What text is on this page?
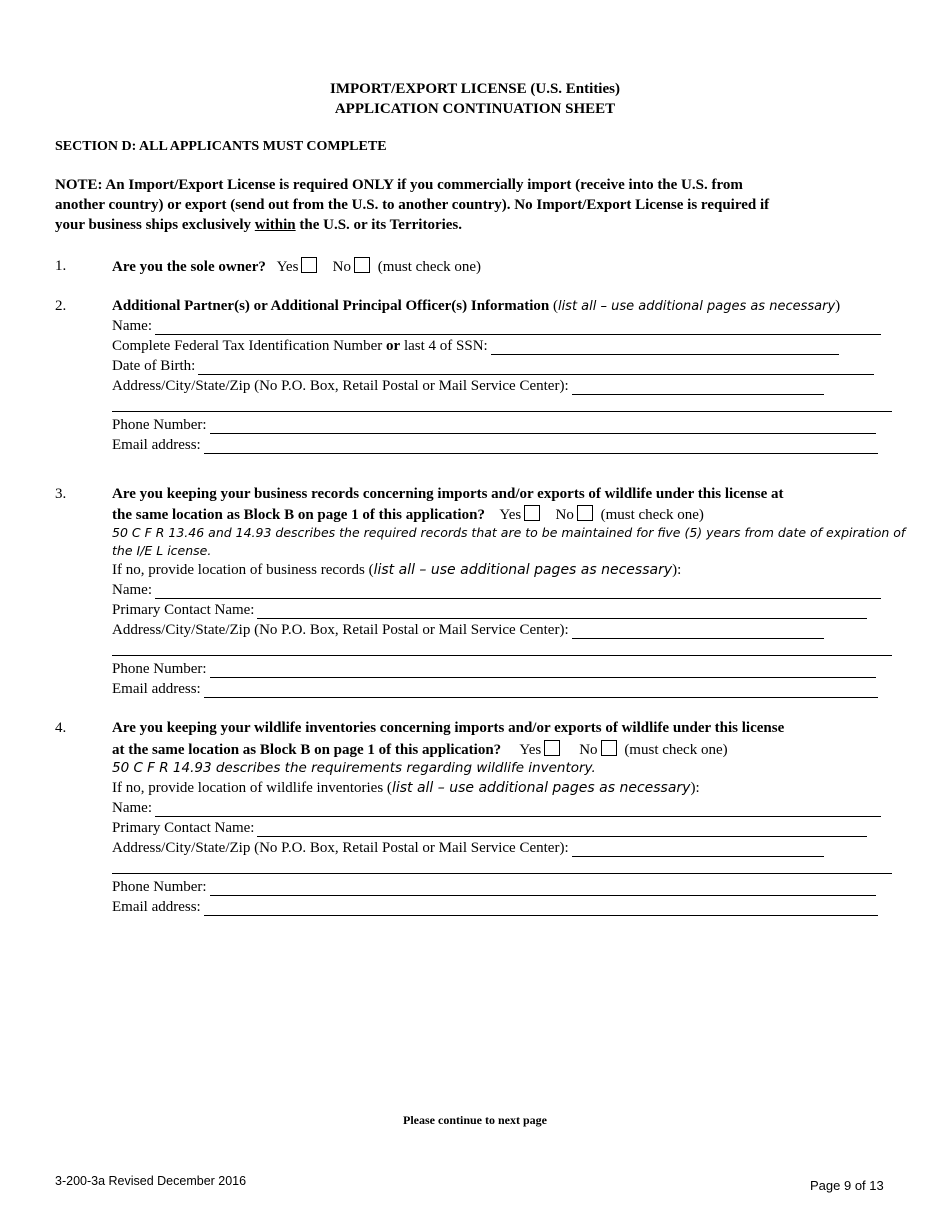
IMPORT/EXPORT LICENSE (U.S. Entities)
APPLICATION CONTINUATION SHEET
SECTION D: ALL APPLICANTS MUST COMPLETE
NOTE: An Import/Export License is required ONLY if you commercially import (receive into the U.S. from
another country) or export (send out from the U.S. to another country). No Import/Export License is required if
your business ships exclusively within the U.S. or its Territories.
1.	Are you the sole owner? Yes No (must check one)
2.	Additional Partner(s) or Additional Principal Officer(s) Information (list all – use additional pages as necessary)
Name:
Complete Federal Tax Identification Number or last 4 of SSN:
Date of Birth:
Address/City/State/Zip (No P.O. Box, Retail Postal or Mail Service Center):
Phone Number:
Email address:
3.	Are you keeping your business records concerning imports and/or exports of wildlife under this license at
the same location as Block B on page 1 of this application? Yes No (must check one)
50 C F R 13.46 and 14.93 describes the required records that are to be maintained for five (5) years from date of expiration of
the I/E L icense.
If no, provide location of business records (list all – use additional pages as necessary):
Name:
Primary Contact Name:
Address/City/State/Zip (No P.O. Box, Retail Postal or Mail Service Center):
Phone Number:
Email address:
4.	Are you keeping your wildlife inventories concerning imports and/or exports of wildlife under this license
at the same location as Block B on page 1 of this application? Yes	No (must check one)
50 C F R 14.93 describes the requirements regarding wildlife inventory.
If no, provide location of wildlife inventories (list all – use additional pages as necessary):
Name:
Primary Contact Name:
Address/City/State/Zip (No P.O. Box, Retail Postal or Mail Service Center):
Phone Number:
Email address:
Please continue to next page
3-200-3a Revised December 2016	Page 9 of 13
